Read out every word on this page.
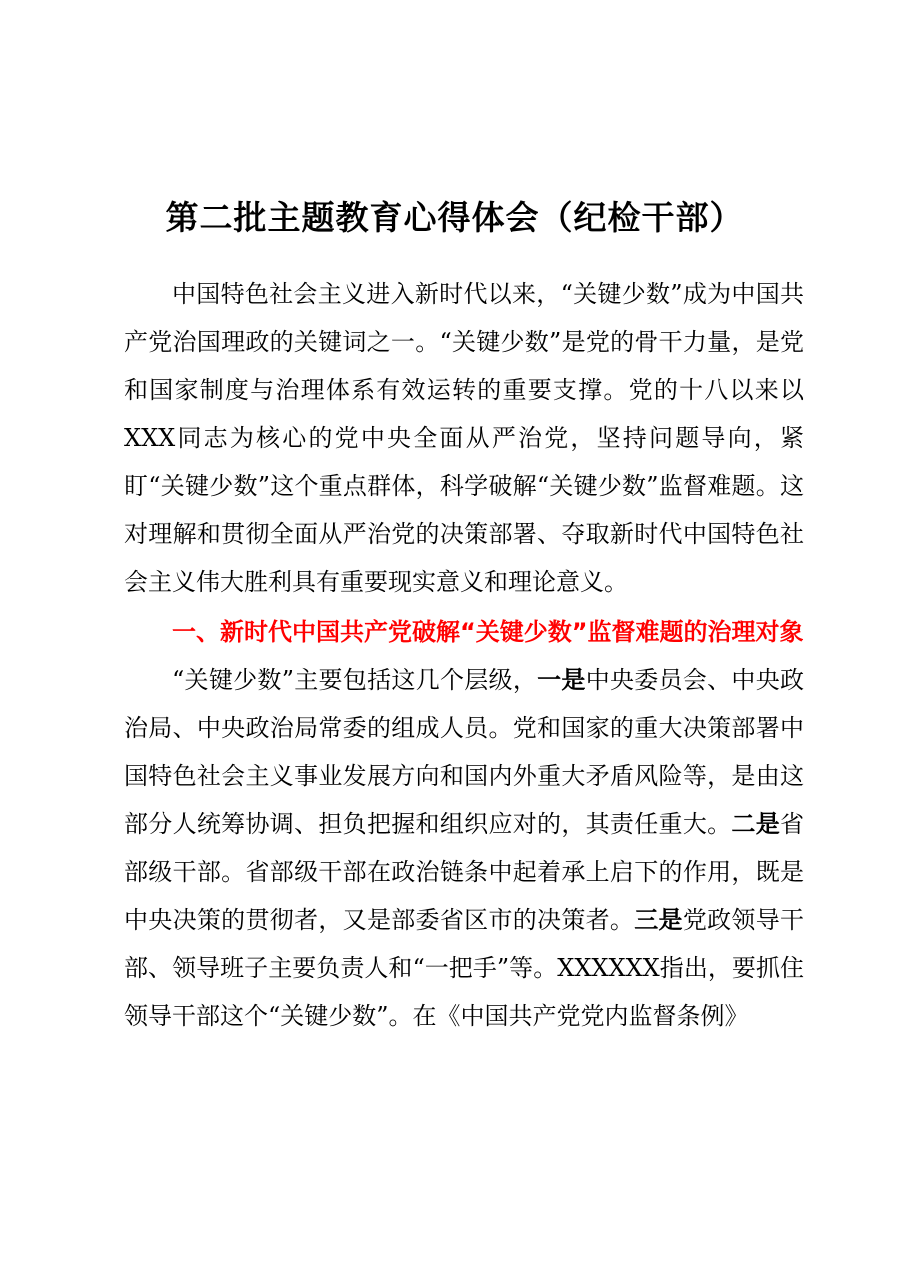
第二批主题教育心得体会（纪检干部）

中国特色社会主义进入新时代以来，“关键少数”成为中国共产党治国理政的关键词之一。“关键少数”是党的骨干力量，是党和国家制度与治理体系有效运转的重要支撑。党的十八以来以XXX同志为核心的党中央全面从严治党，坚持问题导向，紧盯“关键少数”这个重点群体，科学破解“关键少数”监督难题。这对理解和贯彻全面从严治党的决策部署、夺取新时代中国特色社会主义伟大胜利具有重要现实意义和理论意义。

一、新时代中国共产党破解“关键少数”监督难题的治理对象

“关键少数”主要包括这几个层级，一是中央委员会、中央政治局、中央政治局常委的组成人员。党和国家的重大决策部署中国特色社会主义事业发展方向和国内外重大矛盾风险等，是由这部分人统筹协调、担负把握和组织应对的，其责任重大。二是省部级干部。省部级干部在政治链条中起着承上启下的作用，既是中央决策的贯彻者，又是部委省区市的决策者。三是党政领导干部、领导班子主要负责人和“一把手”等。XXXXXX指出，要抓住领导干部这个“关键少数”。在《中国共产党党内监督条例》
